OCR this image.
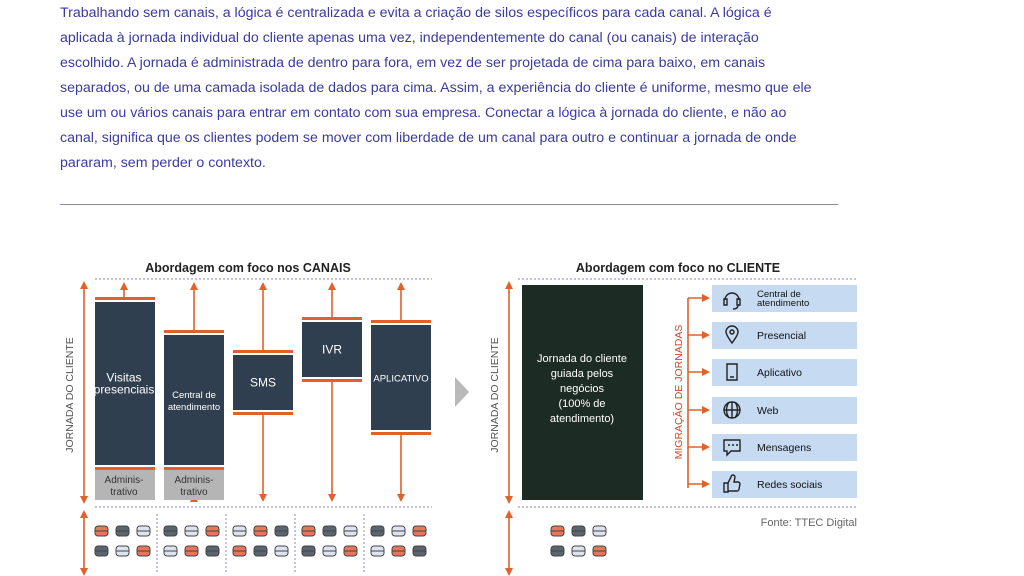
Trabalhando sem canais, a lógica é centralizada e evita a criação de silos específicos para cada canal. A lógica é aplicada à jornada individual do cliente apenas uma vez, independentemente do canal (ou canais) de interação escolhido. A jornada é administrada de dentro para fora, em vez de ser projetada de cima para baixo, em canais separados, ou de uma camada isolada de dados para cima. Assim, a experiência do cliente é uniforme, mesmo que ele use um ou vários canais para entrar em contato com sua empresa. Conectar a lógica à jornada do cliente, e não ao canal, significa que os clientes podem se mover com liberdade de um canal para outro e continuar a jornada de onde pararam, sem perder o contexto.

Abordagem com foco nos CANAIS
JORNADA DO CLIENTE	Visitas
presenciais
Adminis-
trativo
Central de
atendimento
Adminis-
trativo
SMS
IVR
APLICATIVO
Abordagem com foco no CLIENTE
JORNADA DO CLIENTE	Jornada do cliente
guiada pelos
negócios
(100% de
atendimento)	MIGRAÇÃO DE JORNADAS
Central de
atendimento
Presencial
Aplicativo
Web
Mensagens
Redes sociais
Fonte: TTEC Digital
